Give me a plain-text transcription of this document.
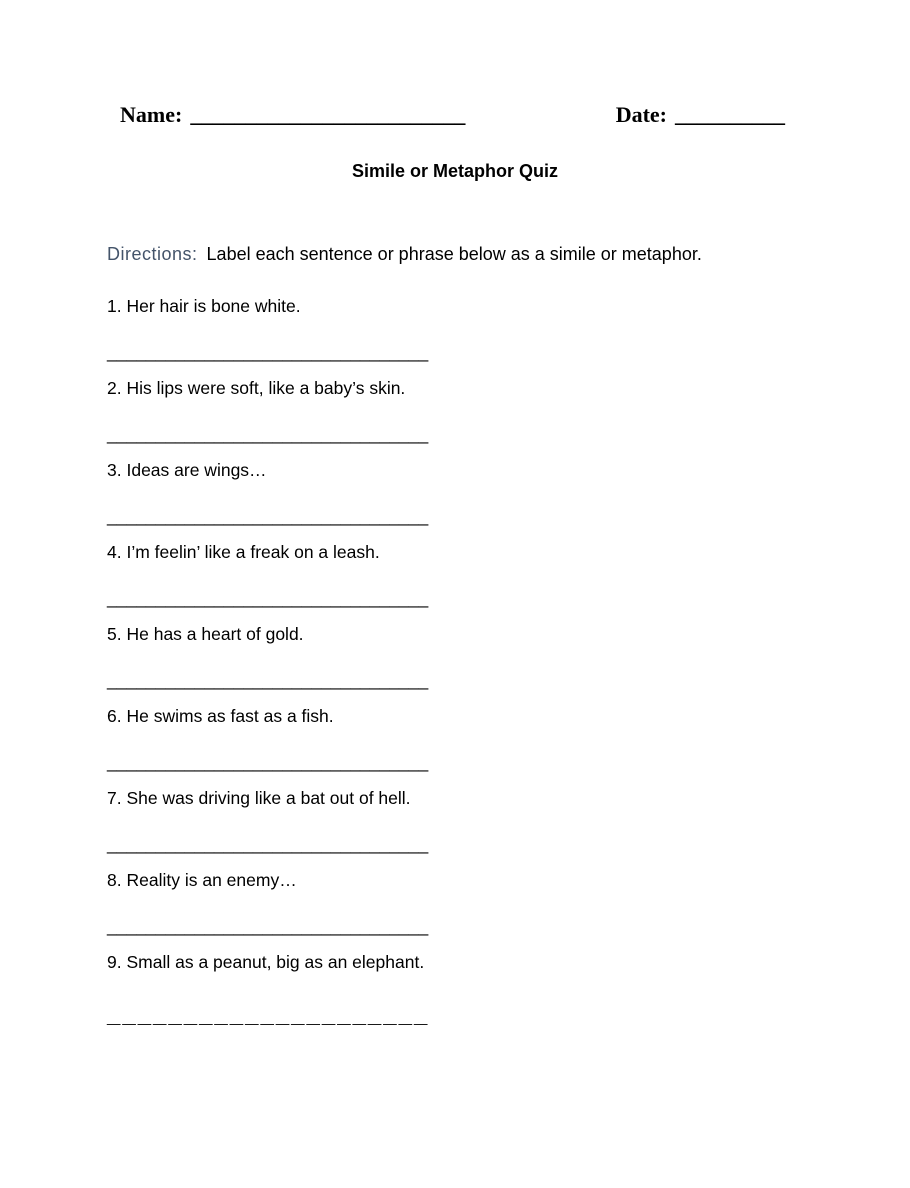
Name: _________________________	Date: __________
Simile or Metaphor Quiz
Directions: Label each sentence or phrase below as a simile or metaphor.

1. Her hair is bone white.

_________________________________

2. His lips were soft, like a baby’s skin.

_________________________________

3. Ideas are wings…

_________________________________

4. I’m feelin’ like a freak on a leash.

_________________________________

5. He has a heart of gold.

_________________________________

6. He swims as fast as a fish.

_________________________________

7. She was driving like a bat out of hell.

_________________________________

8. Reality is an enemy…

_________________________________

9. Small as a peanut, big as an elephant.

_____________________
